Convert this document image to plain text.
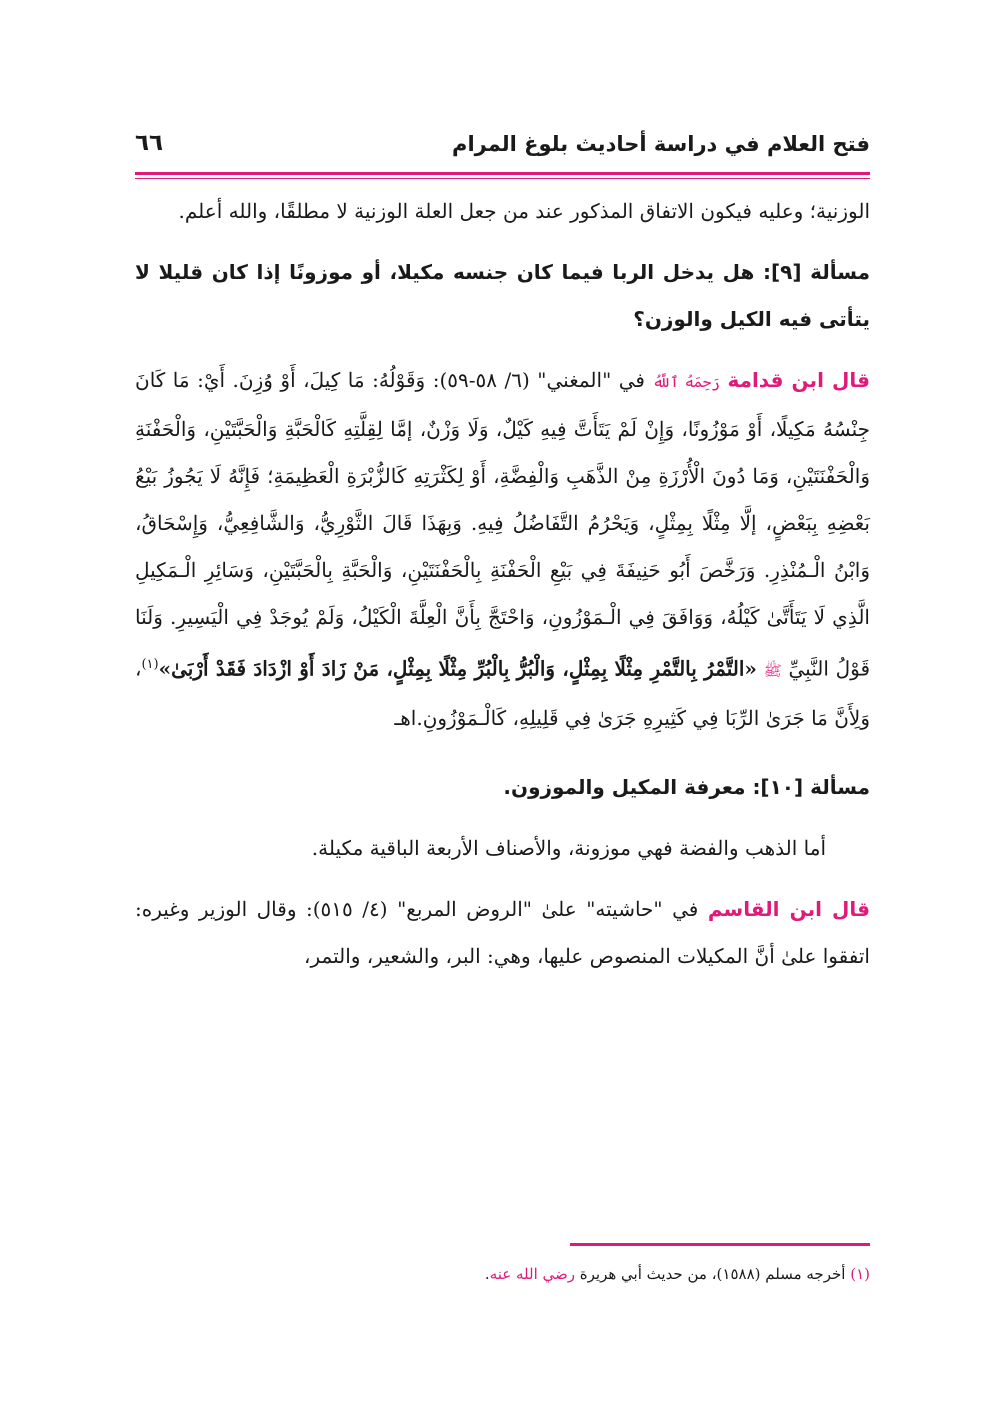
فتح العلام في دراسة أحاديث بلوغ المرام
٦٦

الوزنية؛ وعليه فيكون الاتفاق المذكور عند من جعل العلة الوزنية لا مطلقًا، والله أعلم.

مسألة [٩]: هل يدخل الربا فيما كان جنسه مكيلا، أو موزونًا إذا كان قليلا لا يتأتى فيه الكيل والوزن؟

قال ابن قدامة رَحِمَهُ ٱللَّهُ في "المغني" (٦/ ٥٨-٥٩): وَقَوْلُهُ: مَا كِيلَ، أَوْ وُزِنَ. أَيْ: مَا كَانَ جِنْسُهُ مَكِيلًا، أَوْ مَوْزُونًا، وَإِنْ لَمْ يَتَأَتَّ فِيهِ كَيْلٌ، وَلَا وَزْنٌ، إمَّا لِقِلَّتِهِ كَالْحَبَّةِ وَالْحَبَّتَيْنِ، وَالْحَفْنَةِ وَالْحَفْنَتَيْنِ، وَمَا دُونَ الْأُرْزَةِ مِنْ الذَّهَبِ وَالْفِضَّةِ، أَوْ لِكَثْرَتِهِ كَالزُّبْرَةِ الْعَظِيمَةِ؛ فَإِنَّهُ لَا يَجُوزُ بَيْعُ بَعْضِهِ بِبَعْضٍ، إلَّا مِثْلًا بِمِثْلٍ، وَيَحْرُمُ التَّفَاضُلُ فِيهِ. وَبِهَذَا قَالَ الثَّوْرِيُّ، وَالشَّافِعِيُّ، وَإِسْحَاقُ، وَابْنُ الْـمُنْذِرِ. وَرَخَّصَ أَبُو حَنِيفَةَ فِي بَيْعِ الْحَفْنَةِ بِالْحَفْنَتَيْنِ، وَالْحَبَّةِ بِالْحَبَّتَيْنِ، وَسَائِرِ الْـمَكِيلِ الَّذِي لَا يَتَأَتَّىٰ كَيْلُهُ، وَوَافَقَ فِي الْـمَوْزُونِ، وَاحْتَجَّ بِأَنَّ الْعِلَّةَ الْكَيْلُ، وَلَمْ يُوجَدْ فِي الْيَسِيرِ. وَلَنَا قَوْلُ النَّبِيِّ ﷺ «التَّمْرُ بِالتَّمْرِ مِثْلًا بِمِثْلٍ، وَالْبُرُّ بِالْبُرِّ مِثْلًا بِمِثْلٍ، مَنْ زَادَ أَوْ ازْدَادَ فَقَدْ أَرْبَىٰ»$^{(١)}$، وَلِأَنَّ مَا جَرَىٰ الرِّبَا فِي كَثِيرِهِ جَرَىٰ فِي قَلِيلِهِ، كَالْـمَوْزُونِ.اهـ

مسألة [١٠]: معرفة المكيل والموزون.

أما الذهب والفضة فهي موزونة، والأصناف الأربعة الباقية مكيلة.

قال ابن القاسم في "حاشيته" علىٰ "الروض المربع" (٤/ ٥١٥): وقال الوزير وغيره: اتفقوا علىٰ أنَّ المكيلات المنصوص عليها، وهي: البر، والشعير، والتمر،

(١) أخرجه مسلم (١٥٨٨)، من حديث أبي هريرة رضي الله عنه.
